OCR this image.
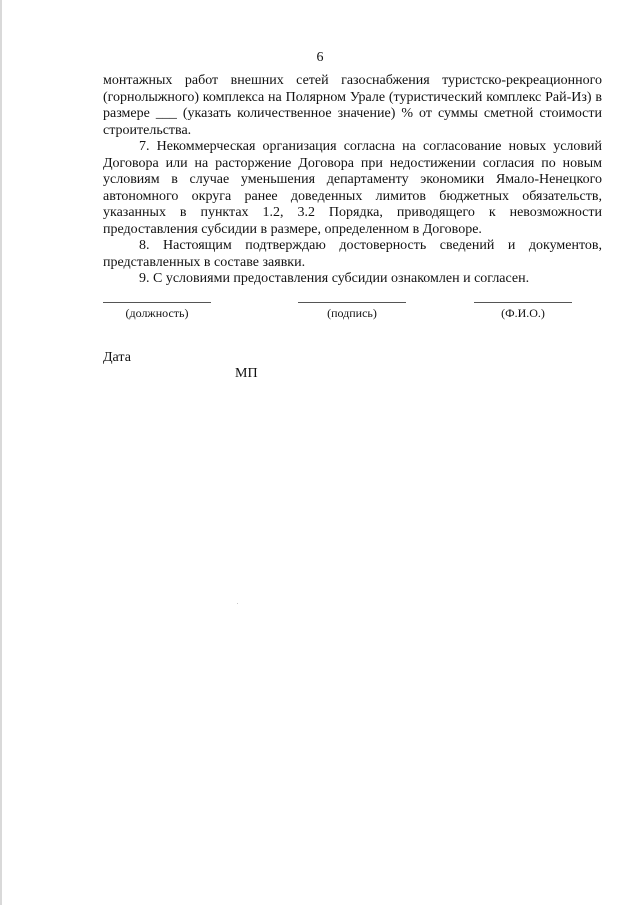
6

монтажных работ внешних сетей газоснабжения туристско-рекреационного (горнолыжного) комплекса на Полярном Урале (туристический комплекс Рай-Из) в размере ___ (указать количественное значение) % от суммы сметной стоимости строительства.

7. Некоммерческая организация согласна на согласование новых условий Договора или на расторжение Договора при недостижении согласия по новым условиям в случае уменьшения департаменту экономики Ямало-Ненецкого автономного округа ранее доведенных лимитов бюджетных обязательств, указанных в пунктах 1.2, 3.2 Порядка, приводящего к невозможности предоставления субсидии в размере, определенном в Договоре.

8. Настоящим подтверждаю достоверность сведений и документов, представленных в составе заявки.

9. С условиями предоставления субсидии ознакомлен и согласен.

(должность)	(подпись)	(Ф.И.О.)
Дата
МП
